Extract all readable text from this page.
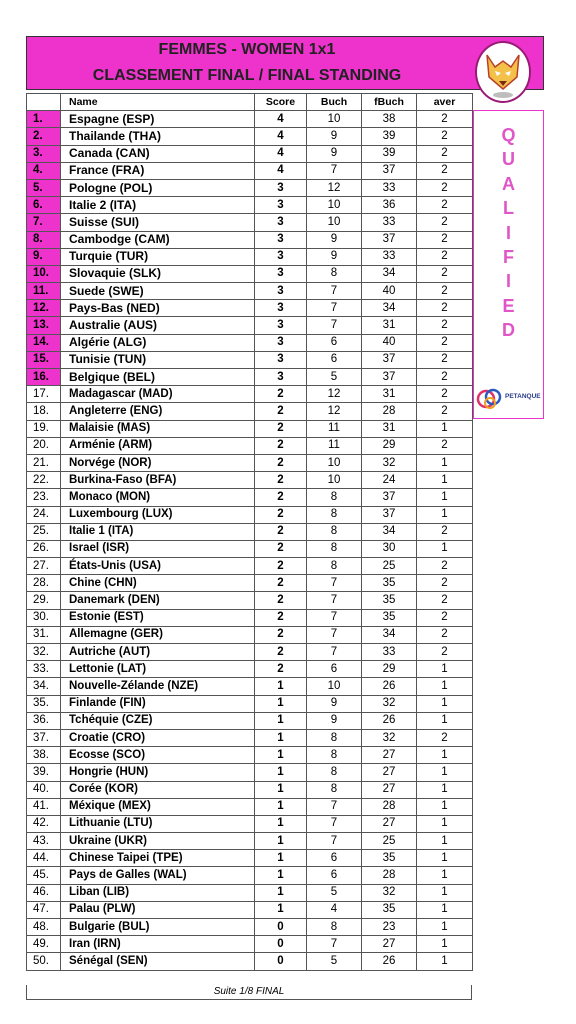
FEMMES - WOMEN 1x1
CLASSEMENT FINAL / FINAL STANDING
	Name	Score	Buch	fBuch	aver
1.	Espagne (ESP)	4	10	38	2
2.	Thailande (THA)	4	9	39	2
3.	Canada (CAN)	4	9	39	2
4.	France (FRA)	4	7	37	2
5.	Pologne (POL)	3	12	33	2
6.	Italie 2 (ITA)	3	10	36	2
7.	Suisse (SUI)	3	10	33	2
8.	Cambodge (CAM)	3	9	37	2
9.	Turquie (TUR)	3	9	33	2
10.	Slovaquie (SLK)	3	8	34	2
11.	Suede (SWE)	3	7	40	2
12.	Pays-Bas (NED)	3	7	34	2
13.	Australie (AUS)	3	7	31	2
14.	Algérie (ALG)	3	6	40	2
15.	Tunisie (TUN)	3	6	37	2
16.	Belgique (BEL)	3	5	37	2
17.	Madagascar (MAD)	2	12	31	2
18.	Angleterre (ENG)	2	12	28	2
19.	Malaisie (MAS)	2	11	31	1
20.	Arménie (ARM)	2	11	29	2
21.	Norvége (NOR)	2	10	32	1
22.	Burkina-Faso (BFA)	2	10	24	1
23.	Monaco (MON)	2	8	37	1
24.	Luxembourg (LUX)	2	8	37	1
25.	Italie 1 (ITA)	2	8	34	2
26.	Israel (ISR)	2	8	30	1
27.	États-Unis (USA)	2	8	25	2
28.	Chine (CHN)	2	7	35	2
29.	Danemark (DEN)	2	7	35	2
30.	Estonie (EST)	2	7	35	2
31.	Allemagne (GER)	2	7	34	2
32.	Autriche (AUT)	2	7	33	2
33.	Lettonie (LAT)	2	6	29	1
34.	Nouvelle-Zélande (NZE)	1	10	26	1
35.	Finlande (FIN)	1	9	32	1
36.	Tchéquie (CZE)	1	9	26	1
37.	Croatie (CRO)	1	8	32	2
38.	Ecosse (SCO)	1	8	27	1
39.	Hongrie (HUN)	1	8	27	1
40.	Corée (KOR)	1	8	27	1
41.	Méxique (MEX)	1	7	28	1
42.	Lithuanie (LTU)	1	7	27	1
43.	Ukraine (UKR)	1	7	25	1
44.	Chinese Taipei (TPE)	1	6	35	1
45.	Pays de Galles (WAL)	1	6	28	1
46.	Liban (LIB)	1	5	32	1
47.	Palau (PLW)	1	4	35	1
48.	Bulgarie (BUL)	0	8	23	1
49.	Iran (IRN)	0	7	27	1
50.	Sénégal (SEN)	0	5	26	1
Q
U
A
L
I
F
I
E
D
PETANQUE
Suite 1/8 FINAL
